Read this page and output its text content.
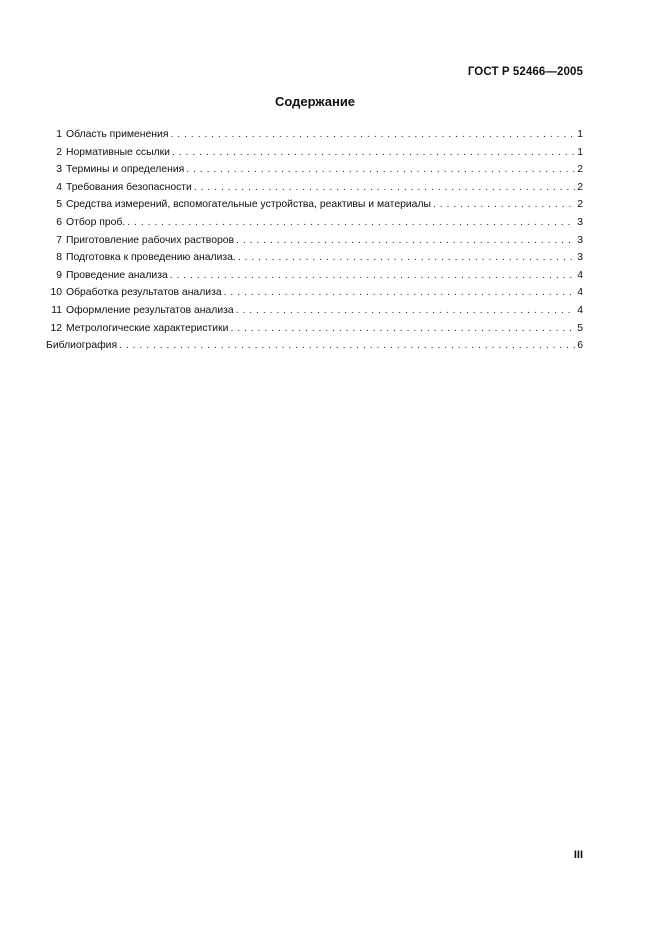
ГОСТ Р 52466—2005
Содержание
1 Область применения . . .	1
2 Нормативные ссылки . . .	1
3 Термины и определения . . .	2
4 Требования безопасности . . .	2
5 Средства измерений, вспомогательные устройства, реактивы и материалы . . .	2
6 Отбор проб. . . .	3
7 Приготовление рабочих растворов . . .	3
8 Подготовка к проведению анализа. . . .	3
9 Проведение анализа . . .	4
10 Обработка результатов анализа . . .	4
11 Оформление результатов анализа . . .	4
12 Метрологические характеристики . . .	5
Библиография . . .	6
III
